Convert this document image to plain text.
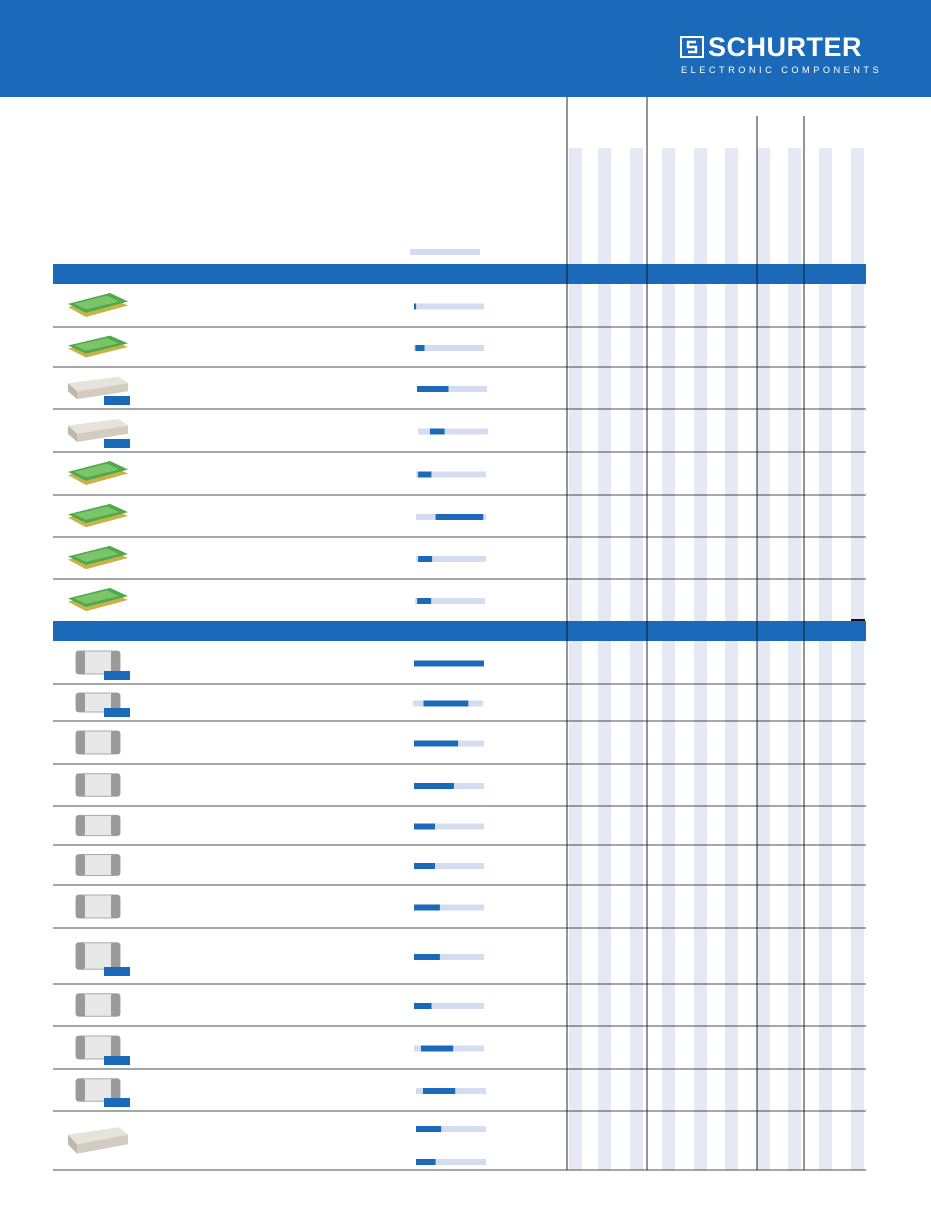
SCHURTER
ELECTRONIC COMPONENTS
